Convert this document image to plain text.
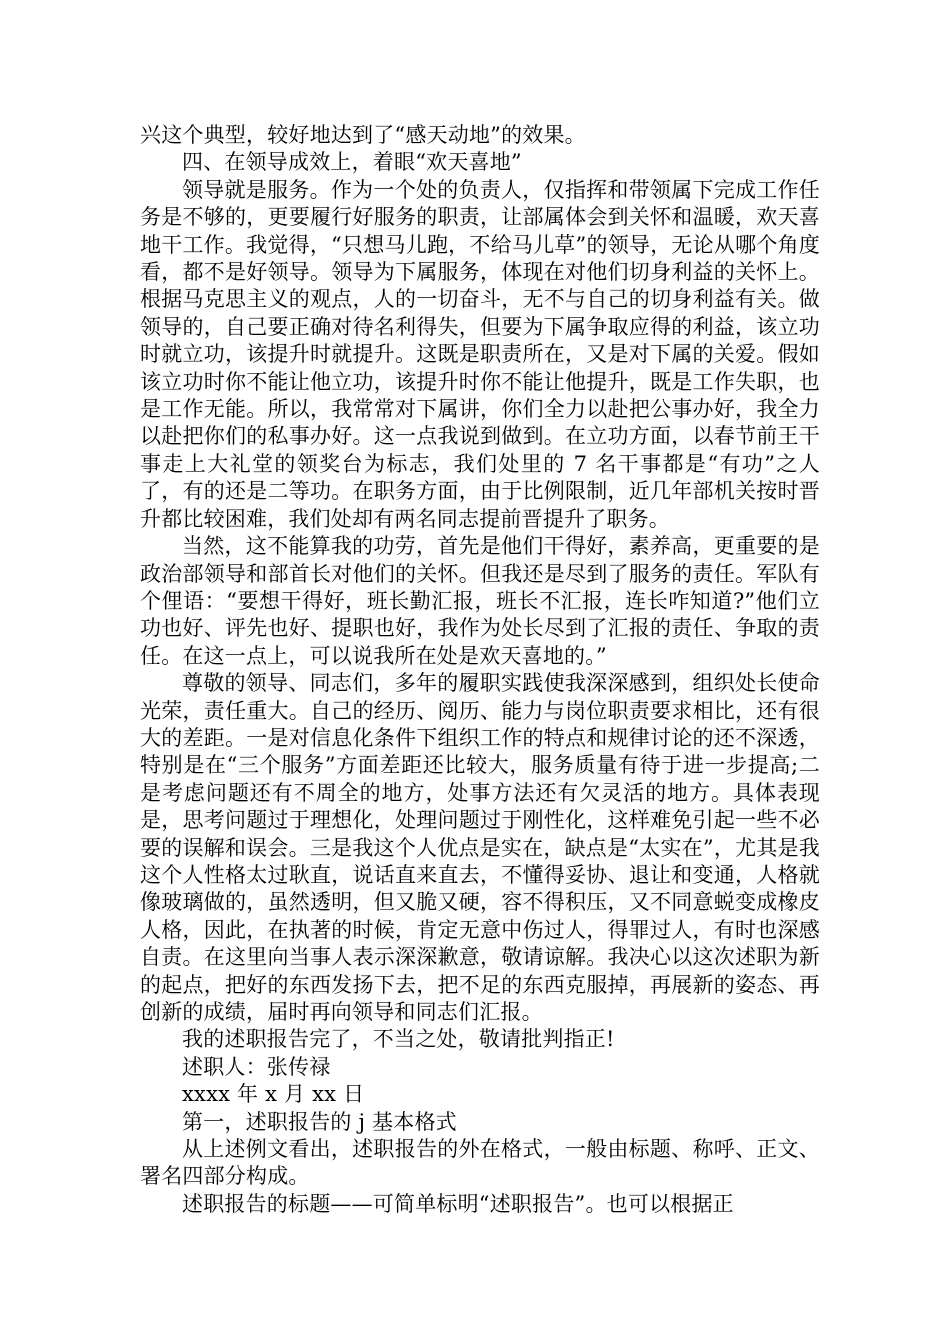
兴这个典型，较好地达到了“感天动地”的效果。

四、在领导成效上，着眼“欢天喜地”

领导就是服务。作为一个处的负责人，仅指挥和带领属下完成工作任务是不够的，更要履行好服务的职责，让部属体会到关怀和温暖，欢天喜地干工作。我觉得，“只想马儿跑，不给马儿草”的领导，无论从哪个角度看，都不是好领导。领导为下属服务，体现在对他们切身利益的关怀上。根据马克思主义的观点，人的一切奋斗，无不与自己的切身利益有关。做领导的，自己要正确对待名利得失，但要为下属争取应得的利益，该立功时就立功，该提升时就提升。这既是职责所在，又是对下属的关爱。假如该立功时你不能让他立功，该提升时你不能让他提升，既是工作失职，也是工作无能。所以，我常常对下属讲，你们全力以赴把公事办好，我全力以赴把你们的私事办好。这一点我说到做到。在立功方面，以春节前王干事走上大礼堂的领奖台为标志，我们处里的 7 名干事都是“有功”之人了，有的还是二等功。在职务方面，由于比例限制，近几年部机关按时晋升都比较困难，我们处却有两名同志提前晋提升了职务。

当然，这不能算我的功劳，首先是他们干得好，素养高，更重要的是政治部领导和部首长对他们的关怀。但我还是尽到了服务的责任。军队有个俚语：“要想干得好，班长勤汇报，班长不汇报，连长咋知道?”他们立功也好、评先也好、提职也好，我作为处长尽到了汇报的责任、争取的责任。在这一点上，可以说我所在处是欢天喜地的。”

尊敬的领导、同志们，多年的履职实践使我深深感到，组织处长使命光荣，责任重大。自己的经历、阅历、能力与岗位职责要求相比，还有很大的差距。一是对信息化条件下组织工作的特点和规律讨论的还不深透，特别是在“三个服务”方面差距还比较大，服务质量有待于进一步提高;二是考虑问题还有不周全的地方，处事方法还有欠灵活的地方。具体表现是，思考问题过于理想化，处理问题过于刚性化，这样难免引起一些不必要的误解和误会。三是我这个人优点是实在，缺点是“太实在”，尤其是我这个人性格太过耿直，说话直来直去，不懂得妥协、退让和变通，人格就像玻璃做的，虽然透明，但又脆又硬，容不得积压，又不同意蜕变成橡皮人格，因此，在执著的时候，肯定无意中伤过人，得罪过人，有时也深感自责。在这里向当事人表示深深歉意，敬请谅解。我决心以这次述职为新的起点，把好的东西发扬下去，把不足的东西克服掉，再展新的姿态、再创新的成绩，届时再向领导和同志们汇报。

我的述职报告完了，不当之处，敬请批判指正!

述职人：张传禄

xxxx 年 x 月 xx 日

第一，述职报告的 j 基本格式

从上述例文看出，述职报告的外在格式，一般由标题、称呼、正文、署名四部分构成。

述职报告的标题——可简单标明“述职报告”。也可以根据正
